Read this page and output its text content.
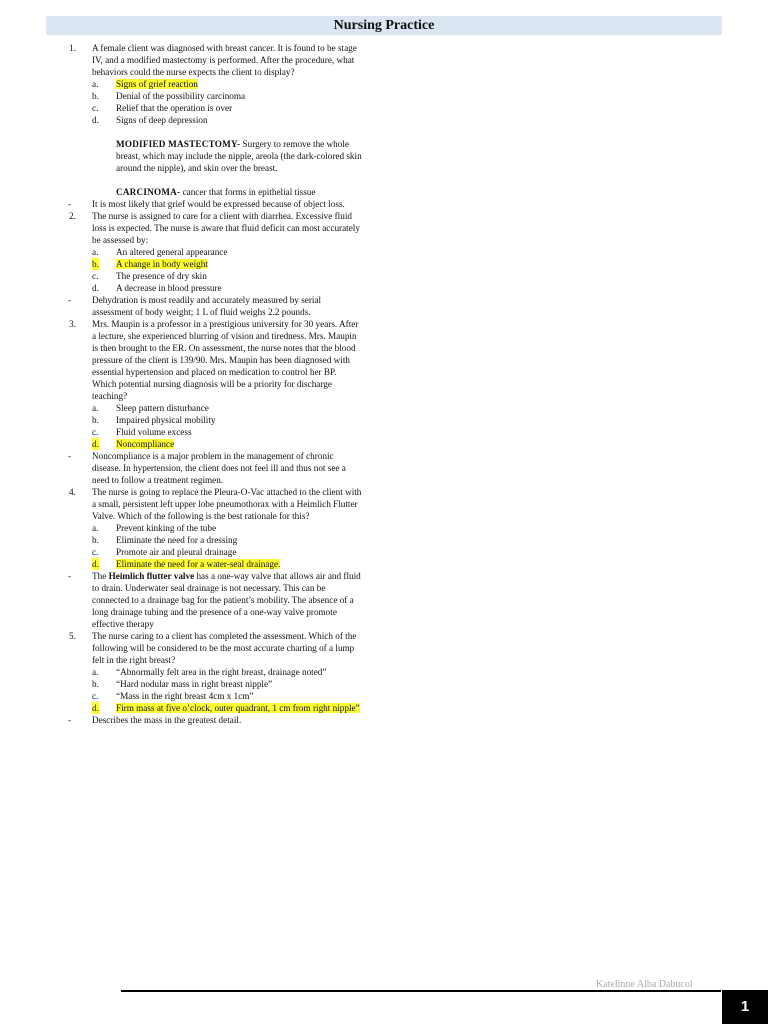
Nursing Practice
1. A female client was diagnosed with breast cancer. It is found to be stage IV, and a modified mastectomy is performed. After the procedure, what behaviors could the nurse expects the client to display?
a. Signs of grief reaction
b. Denial of the possibility carcinoma
c. Relief that the operation is over
d. Signs of deep depression
MODIFIED MASTECTOMY- Surgery to remove the whole breast, which may include the nipple, areola (the dark-colored skin around the nipple), and skin over the breast.
CARCINOMA- cancer that forms in epithelial tissue
- It is most likely that grief would be expressed because of object loss.
2. The nurse is assigned to care for a client with diarrhea. Excessive fluid loss is expected. The nurse is aware that fluid deficit can most accurately be assessed by:
a. An altered general appearance
b. A change in body weight
c. The presence of dry skin
d. A decrease in blood pressure
- Dehydration is most readily and accurately measured by serial assessment of body weight; 1 L of fluid weighs 2.2 pounds.
3. Mrs. Maupin is a professor in a prestigious university for 30 years. After a lecture, she experienced blurring of vision and tiredness. Mrs. Maupin is then brought to the ER. On assessment, the nurse notes that the blood pressure of the client is 139/90. Mrs. Maupin has been diagnosed with essential hypertension and placed on medication to control her BP. Which potential nursing diagnosis will be a priority for discharge teaching?
a. Sleep pattern disturbance
b. Impaired physical mobility
c. Fluid volume excess
d. Noncompliance
- Noncompliance is a major problem in the management of chronic disease. In hypertension, the client does not feel ill and thus not see a need to follow a treatment regimen.
4. The nurse is going to replace the Pleura-O-Vac attached to the client with a small, persistent left upper lobe pneumothorax with a Heimlich Flutter Valve. Which of the following is the best rationale for this?
a. Prevent kinking of the tube
b. Eliminate the need for a dressing
c. Promote air and pleural drainage
d. Eliminate the need for a water-seal drainage.
- The Heimlich flutter valve has a one-way valve that allows air and fluid to drain. Underwater seal drainage is not necessary. This can be connected to a drainage bag for the patient’s mobility. The absence of a long drainage tubing and the presence of a one-way valve promote effective therapy
5. The nurse caring to a client has completed the assessment. Which of the following will be considered to be the most accurate charting of a lump felt in the right breast?
a. “Abnormally felt area in the right breast, drainage noted”
b. “Hard nodular mass in right breast nipple”
c. “Mass in the right breast 4cm x 1cm”
d. Firm mass at five o’clock, outer quadrant, 1 cm from right nipple”
- Describes the mass in the greatest detail.
Katelinne Alba Dabucol
1
